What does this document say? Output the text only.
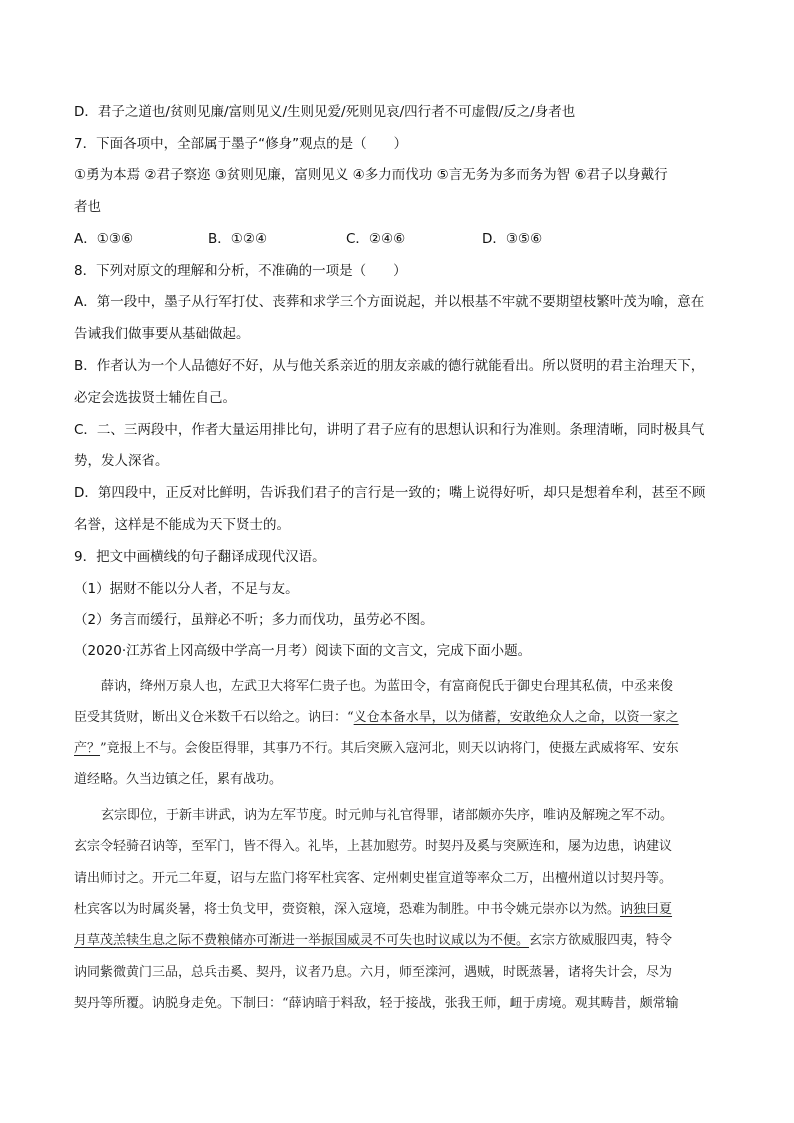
D．君子之道也/贫则见廉/富则见义/生则见爱/死则见哀/四行者不可虚假/反之/身者也
7．下面各项中，全部属于墨子“修身”观点的是（　　）
①勇为本焉 ②君子察迩 ③贫则见廉，富则见义 ④多力而伐功 ⑤言无务为多而务为智 ⑥君子以身戴行
者也
A．①③⑥	B．①②④	C．②④⑥	D．③⑤⑥
8．下列对原文的理解和分析，不准确的一项是（　　）
A．第一段中，墨子从行军打仗、丧葬和求学三个方面说起，并以根基不牢就不要期望枝繁叶茂为喻，意在
告诫我们做事要从基础做起。
B．作者认为一个人品德好不好，从与他关系亲近的朋友亲戚的德行就能看出。所以贤明的君主治理天下，
必定会选拔贤士辅佐自己。
C．二、三两段中，作者大量运用排比句，讲明了君子应有的思想认识和行为准则。条理清晰，同时极具气
势，发人深省。
D．第四段中，正反对比鲜明，告诉我们君子的言行是一致的；嘴上说得好听，却只是想着牟利，甚至不顾
名誉，这样是不能成为天下贤士的。
9．把文中画横线的句子翻译成现代汉语。
（1）据财不能以分人者，不足与友。
（2）务言而缓行，虽辩必不听；多力而伐功，虽劳必不图。
（2020·江苏省上冈高级中学高一月考）阅读下面的文言文，完成下面小题。
薛讷，绛州万泉人也，左武卫大将军仁贵子也。为蓝田令，有富商倪氏于御史台理其私债，中丞来俊
臣受其货财，断出义仓米数千石以给之。讷曰：“义仓本备水旱，以为储蓄，安敢绝众人之命，以资一家之
产？”竟报上不与。会俊臣得罪，其事乃不行。其后突厥入寇河北，则天以讷将门，使摄左武威将军、安东
道经略。久当边镇之任，累有战功。
玄宗即位，于新丰讲武，讷为左军节度。时元帅与礼官得罪，诸部颇亦失序，唯讷及解琬之军不动。
玄宗令轻骑召讷等，至军门，皆不得入。礼毕，上甚加慰劳。时契丹及奚与突厥连和，屡为边患，讷建议
请出师讨之。开元二年夏，诏与左监门将军杜宾客、定州刺史崔宣道等率众二万，出檀州道以讨契丹等。
杜宾客以为时属炎暑，将士负戈甲，赍资粮，深入寇境，恐难为制胜。中书令姚元崇亦以为然。讷独曰夏
月草茂羔犊生息之际不费粮储亦可渐进一举振国威灵不可失也时议咸以为不便。玄宗方欲威服四夷，特令
讷同紫微黄门三品，总兵击奚、契丹，议者乃息。六月，师至滦河，遇贼，时既蒸暑，诸将失计会，尽为
契丹等所覆。讷脱身走免。下制曰：“薛讷暗于料敌，轻于接战，张我王师，衄于虏境。观其畴昔，颇常输
